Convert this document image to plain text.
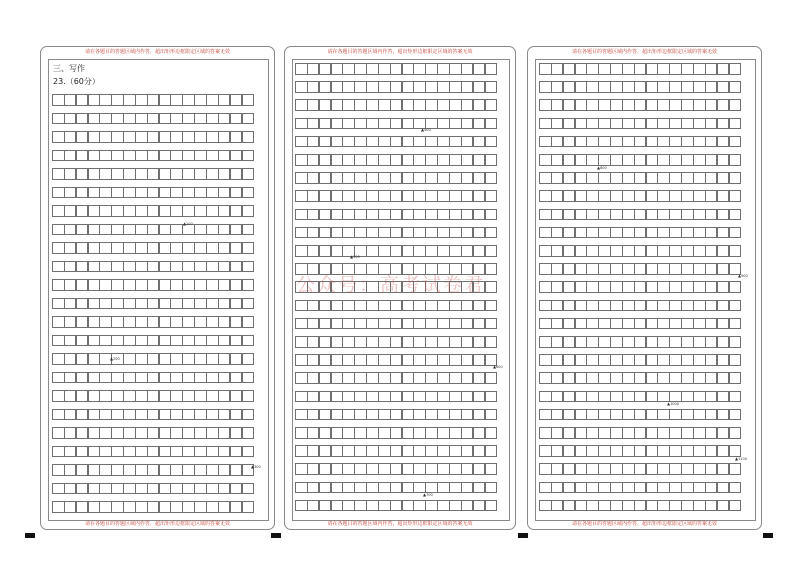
请在各题目的答题区域内作答，超出矩形边框限定区域的答案无效
三、写作
23.（60分）
▲100
▲200
▲300
请在各题目的答题区域内作答，超出矩形边框限定区域的答案无效
请在各题目的答题区域内作答，超出矩形边框限定区域的答案无效
▲400
▲500
▲600
▲700
请在各题目的答题区域内作答，超出矩形边框限定区域的答案无效
请在各题目的答题区域内作答，超出矩形边框限定区域的答案无效
▲800
▲900
▲1000
▲1100
请在各题目的答题区域内作答，超出矩形边框限定区域的答案无效
公众号：高考试卷君
